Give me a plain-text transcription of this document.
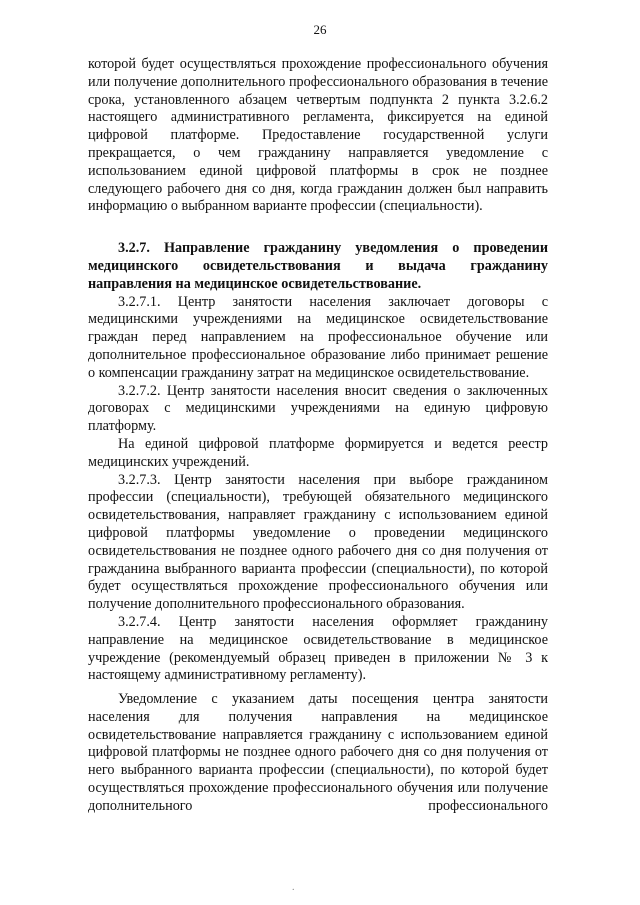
26

которой будет осуществляться прохождение профессионального обучения или получение дополнительного профессионального образования в течение срока, установленного абзацем четвертым подпункта 2 пункта 3.2.6.2 настоящего административного регламента, фиксируется на единой цифровой платформе. Предоставление государственной услуги прекращается, о чем гражданину направляется уведомление с использованием единой цифровой платформы в срок не позднее следующего рабочего дня со дня, когда гражданин должен был направить информацию о выбранном варианте профессии (специальности).

3.2.7. Направление гражданину уведомления о проведении медицинского освидетельствования и выдача гражданину направления на медицинское освидетельствование.

3.2.7.1. Центр занятости населения заключает договоры с медицинскими учреждениями на медицинское освидетельствование граждан перед направлением на профессиональное обучение или дополнительное профессиональное образование либо принимает решение о компенсации гражданину затрат на медицинское освидетельствование.

3.2.7.2. Центр занятости населения вносит сведения о заключенных договорах с медицинскими учреждениями на единую цифровую платформу.

На единой цифровой платформе формируется и ведется реестр медицинских учреждений.

3.2.7.3. Центр занятости населения при выборе гражданином профессии (специальности), требующей обязательного медицинского освидетельствования, направляет гражданину с использованием единой цифровой платформы уведомление о проведении медицинского освидетельствования не позднее одного рабочего дня со дня получения от гражданина выбранного варианта профессии (специальности), по которой будет осуществляться прохождение профессионального обучения или получение дополнительного профессионального образования.

3.2.7.4. Центр занятости населения оформляет гражданину направление на медицинское освидетельствование в медицинское учреждение (рекомендуемый образец приведен в приложении № 3 к настоящему административному регламенту).

Уведомление с указанием даты посещения центра занятости населения для получения направления на медицинское освидетельствование направляется гражданину с использованием единой цифровой платформы не позднее одного рабочего дня со дня получения от него выбранного варианта профессии (специальности), по которой будет осуществляться прохождение профессионального обучения или получение дополнительного профессионального

.
